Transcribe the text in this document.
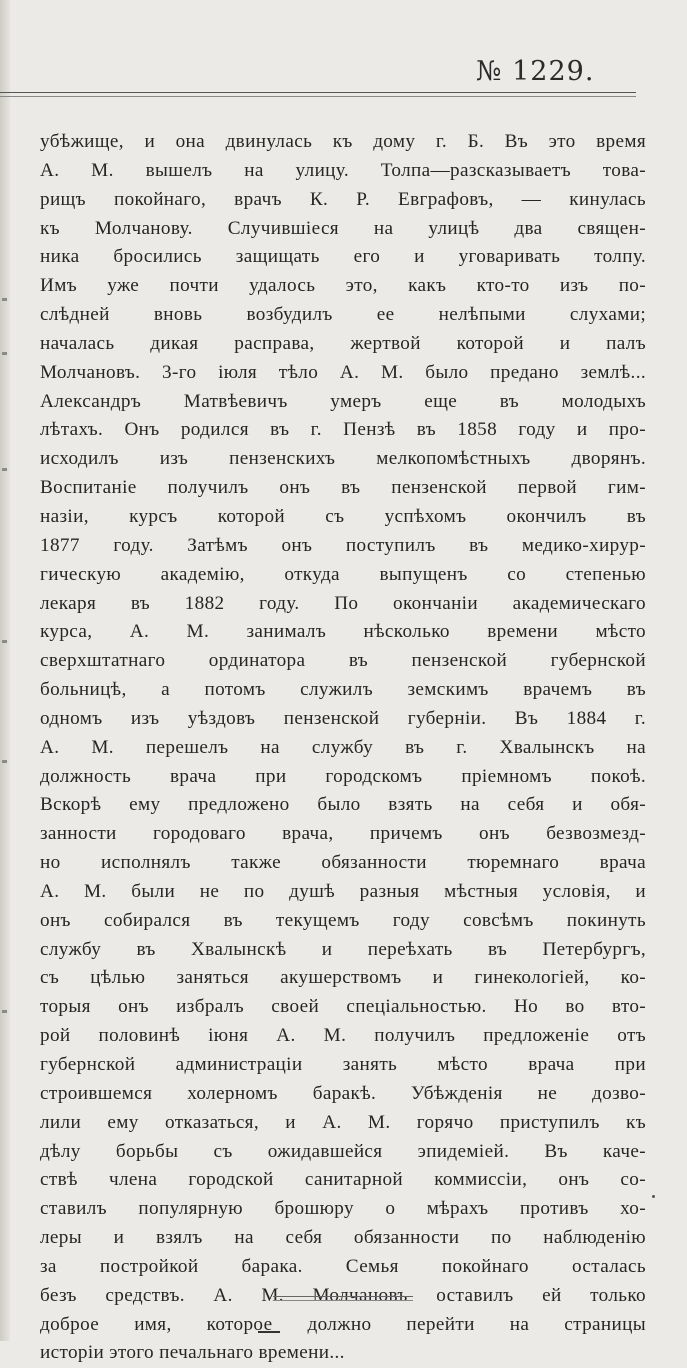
№ 1229.
убѣжище, и она двинулась къ дому г. Б. Въ это время
А. М. вышелъ на улицу. Толпа—разсказываетъ това-
рищъ покойнаго, врачъ К. Р. Евграфовъ, — кинулась
къ Молчанову. Случившіеся на улицѣ два священ-
ника бросились защищать его и уговаривать толпу.
Имъ уже почти удалось это, какъ кто-то изъ по-
слѣдней вновь возбудилъ ее нелѣпыми слухами;
началась дикая расправа, жертвой которой и палъ
Молчановъ. 3-го іюля тѣло А. М. было предано землѣ...
Александръ Матвѣевичъ умеръ еще въ молодыхъ
лѣтахъ. Онъ родился въ г. Пензѣ въ 1858 году и про-
исходилъ изъ пензенскихъ мелкопомѣстныхъ дворянъ.
Воспитаніе получилъ онъ въ пензенской первой гим-
назіи, курсъ которой съ успѣхомъ окончилъ въ
1877 году. Затѣмъ онъ поступилъ въ медико-хирур-
гическую академію, откуда выпущенъ со степенью
лекаря въ 1882 году. По окончаніи академическаго
курса, А. М. занималъ нѣсколько времени мѣсто
сверхштатнаго ординатора въ пензенской губернской
больницѣ, а потомъ служилъ земскимъ врачемъ въ
одномъ изъ уѣздовъ пензенской губерніи. Въ 1884 г.
А. М. перешелъ на службу въ г. Хвалынскъ на
должность врача при городскомъ пріемномъ покоѣ.
Вскорѣ ему предложено было взять на себя и обя-
занности городоваго врача, причемъ онъ безвозмезд-
но исполнялъ также обязанности тюремнаго врача
А. М. были не по душѣ разныя мѣстныя условія, и
онъ собирался въ текущемъ году совсѣмъ покинуть
службу въ Хвалынскѣ и переѣхать въ Петербургъ,
съ цѣлью заняться акушерствомъ и гинекологіей, ко-
торыя онъ избралъ своей спеціальностью. Но во вто-
рой половинѣ іюня А. М. получилъ предложеніе отъ
губернской администраціи занять мѣсто врача при
строившемся холерномъ баракѣ. Убѣжденія не дозво-
лили ему отказаться, и А. М. горячо приступилъ къ
дѣлу борьбы съ ожидавшейся эпидеміей. Въ каче-
ствѣ члена городской санитарной коммиссіи, онъ со-
ставилъ популярную брошюру о мѣрахъ противъ хо-
леры и взялъ на себя обязанности по наблюденію
за постройкой барака. Семья покойнаго осталась
безъ средствъ. А. М. Молчановъ оставилъ ей только
доброе имя, которое должно перейти на страницы
исторіи этого печальнаго времени...
